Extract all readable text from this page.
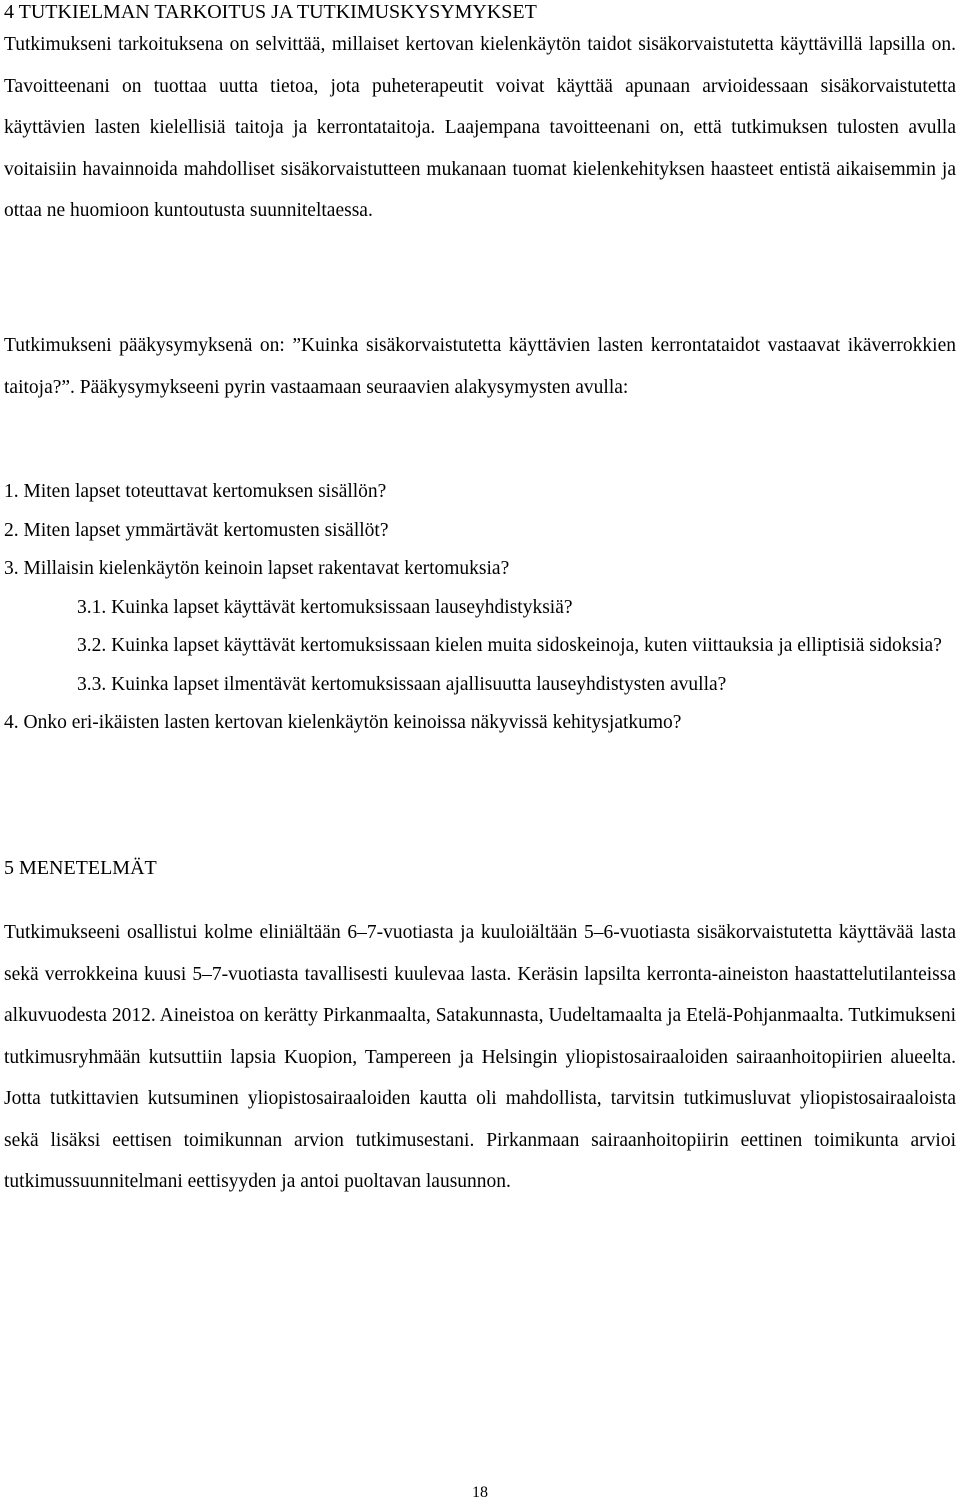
4 TUTKIELMAN TARKOITUS JA TUTKIMUSKYSYMYKSET

Tutkimukseni tarkoituksena on selvittää, millaiset kertovan kielenkäytön taidot sisäkorvaistutetta käyttävillä lapsilla on. Tavoitteenani on tuottaa uutta tietoa, jota puheterapeutit voivat käyttää apunaan arvioidessaan sisäkorvaistutetta käyttävien lasten kielellisiä taitoja ja kerrontataitoja. Laajempana tavoitteenani on, että tutkimuksen tulosten avulla voitaisiin havainnoida mahdolliset sisäkorvaistutteen mukanaan tuomat kielenkehityksen haasteet entistä aikaisemmin ja ottaa ne huomioon kuntoutusta suunniteltaessa.

Tutkimukseni pääkysymyksenä on: ”Kuinka sisäkorvaistutetta käyttävien lasten kerrontataidot vastaavat ikäverrokkien taitoja?”. Pääkysymykseeni pyrin vastaamaan seuraavien alakysymysten avulla:

1. Miten lapset toteuttavat kertomuksen sisällön?
2. Miten lapset ymmärtävät kertomusten sisällöt?
3. Millaisin kielenkäytön keinoin lapset rakentavat kertomuksia?
3.1. Kuinka lapset käyttävät kertomuksissaan lauseyhdistyksiä?
3.2. Kuinka lapset käyttävät kertomuksissaan kielen muita sidoskeinoja, kuten viittauksia ja elliptisiä sidoksia?
3.3. Kuinka lapset ilmentävät kertomuksissaan ajallisuutta lauseyhdistysten avulla?
4. Onko eri-ikäisten lasten kertovan kielenkäytön keinoissa näkyvissä kehitysjatkumo?
5 MENETELMÄT

Tutkimukseeni osallistui kolme eliniältään 6–7-vuotiasta ja kuuloiältään 5–6-vuotiasta sisäkorvaistutetta käyttävää lasta sekä verrokkeina kuusi 5–7-vuotiasta tavallisesti kuulevaa lasta. Keräsin lapsilta kerronta-aineiston haastattelutilanteissa alkuvuodesta 2012. Aineistoa on kerätty Pirkanmaalta, Satakunnasta, Uudeltamaalta ja Etelä-Pohjanmaalta. Tutkimukseni tutkimusryhmään kutsuttiin lapsia Kuopion, Tampereen ja Helsingin yliopistosairaaloiden sairaanhoitopiirien alueelta. Jotta tutkittavien kutsuminen yliopistosairaaloiden kautta oli mahdollista, tarvitsin tutkimusluvat yliopistosairaaloista sekä lisäksi eettisen toimikunnan arvion tutkimusestani. Pirkanmaan sairaanhoitopiirin eettinen toimikunta arvioi tutkimussuunnitelmani eettisyyden ja antoi puoltavan lausunnon.

18
